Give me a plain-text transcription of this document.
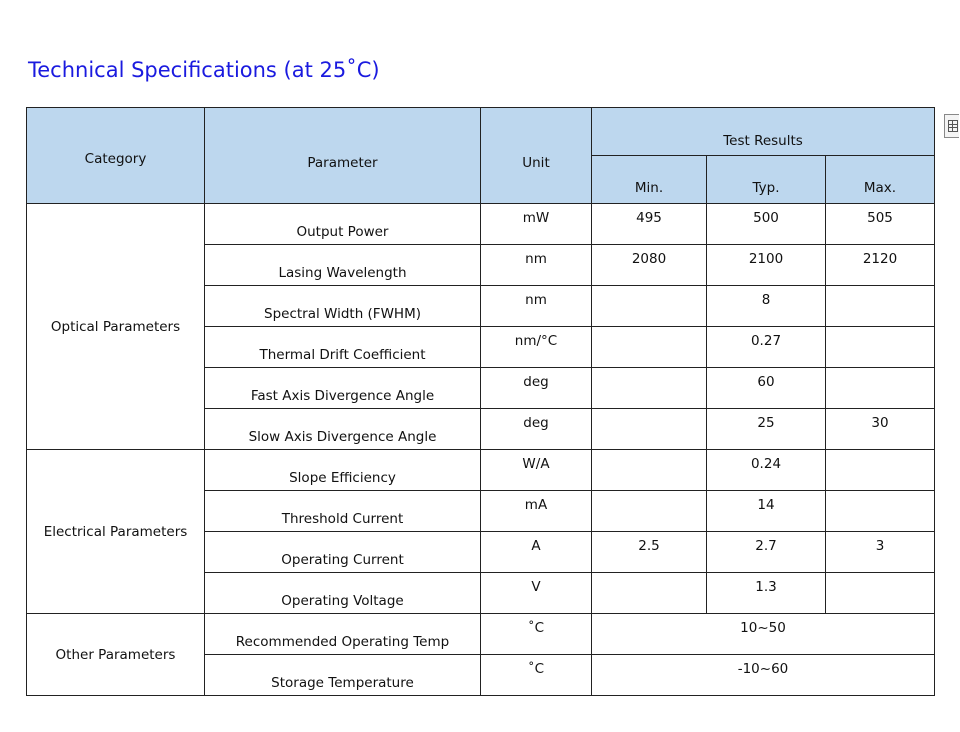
Technical Specifications (at 25˚C)
Category	Parameter	Unit	Test Results		
			Min.	Typ.	Max.
Optical Parameters	Output Power	mW	495	500	505
	Lasing Wavelength	nm	2080	2100	2120
	Spectral Width (FWHM)	nm		8	
	Thermal Drift Coefficient	nm/°C		0.27	
	Fast Axis Divergence Angle	deg		60	
	Slow Axis Divergence Angle	deg		25	30
Electrical Parameters	Slope Efficiency	W/A		0.24	
	Threshold Current	mA		14	
	Operating Current	A	2.5	2.7	3
	Operating Voltage	V		1.3	
Other Parameters	Recommended Operating Temp	˚C	10~50		
	Storage Temperature	˚C	-10~60		
